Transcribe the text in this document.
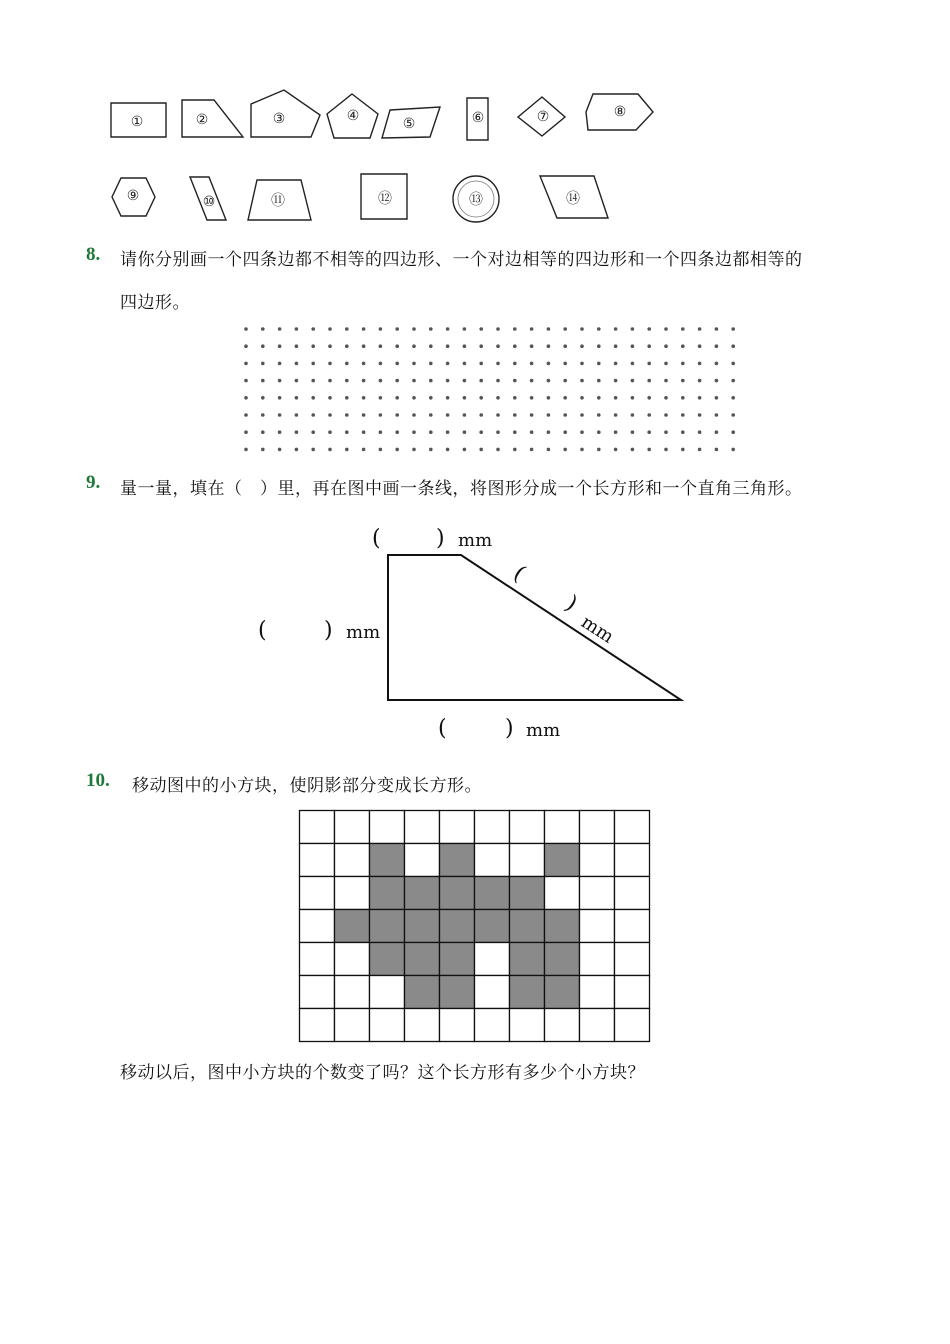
①	②	③	④	⑤	⑥	⑦	⑧
⑨	⑩	⑪	⑫	⑬	⑭
8. 请你分别画一个四条边都不相等的四边形、一个对边相等的四边形和一个四条边都相等的
四边形。
9. 量一量，填在（　）里，再在图中画一条线，将图形分成一个长方形和一个直角三角形。
(	) mm
(	) mm
(	) mm
(
)
mm
10. 移动图中的小方块，使阴影部分变成长方形。
移动以后，图中小方块的个数变了吗？这个长方形有多少个小方块？
